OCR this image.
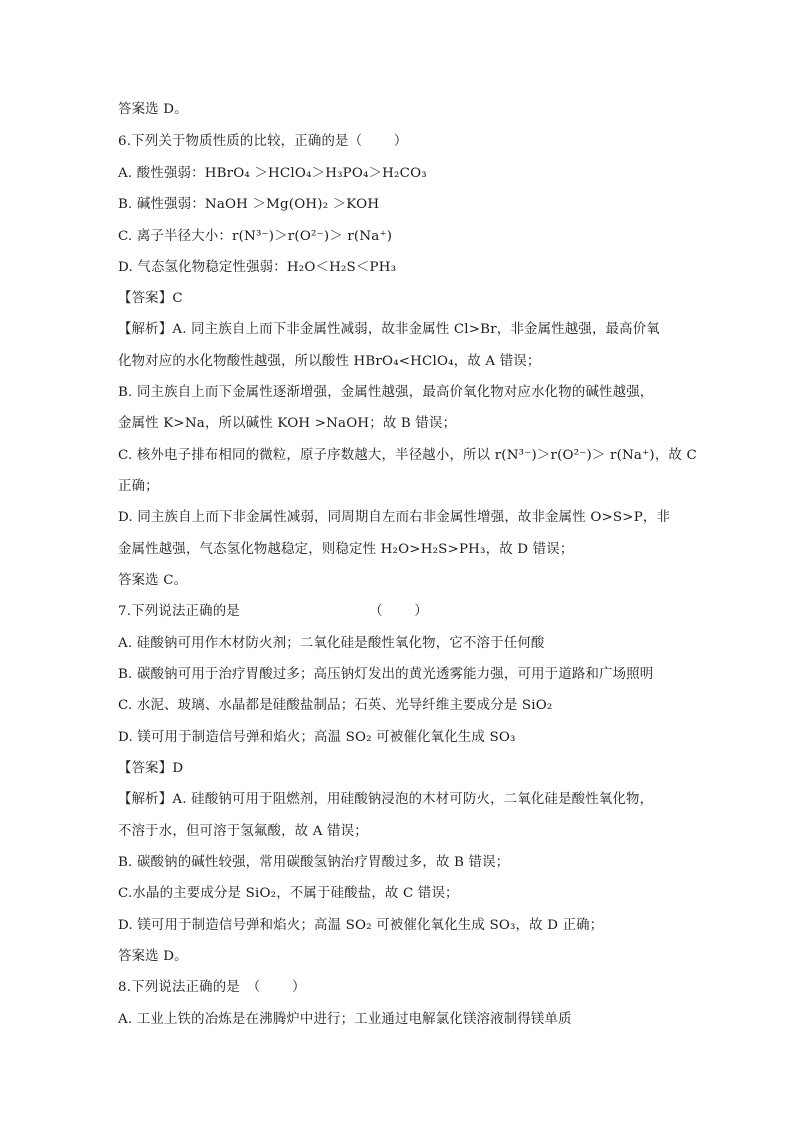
答案选 D。
6.下列关于物质性质的比较，正确的是（　　 ）
A. 酸性强弱：HBrO₄ ＞HClO₄＞H₃PO₄＞H₂CO₃
B. 碱性强弱：NaOH ＞Mg(OH)₂ ＞KOH
C. 离子半径大小：r(N³⁻)＞r(O²⁻)＞ r(Na⁺)
D. 气态氢化物稳定性强弱：H₂O＜H₂S＜PH₃
【答案】C
【解析】A. 同主族自上而下非金属性减弱，故非金属性 Cl>Br，非金属性越强，最高价氧
化物对应的水化物酸性越强，所以酸性 HBrO₄<HClO₄，故 A 错误；
B. 同主族自上而下金属性逐渐增强，金属性越强，最高价氧化物对应水化物的碱性越强，
金属性 K>Na，所以碱性 KOH >NaOH；故 B 错误；
C. 核外电子排布相同的微粒，原子序数越大，半径越小，所以 r(N³⁻)＞r(O²⁻)＞ r(Na⁺)，故 C
正确；
D. 同主族自上而下非金属性减弱，同周期自左而右非金属性增强，故非金属性 O>S>P，非
金属性越强，气态氢化物越稳定，则稳定性 H₂O>H₂S>PH₃，故 D 错误；
答案选 C。
7.下列说法正确的是　　　　　　　　　　（　　 ）
A. 硅酸钠可用作木材防火剂；二氧化硅是酸性氧化物，它不溶于任何酸
B. 碳酸钠可用于治疗胃酸过多；高压钠灯发出的黄光透雾能力强，可用于道路和广场照明
C. 水泥、玻璃、水晶都是硅酸盐制品；石英、光导纤维主要成分是 SiO₂
D. 镁可用于制造信号弹和焰火；高温 SO₂ 可被催化氧化生成 SO₃
【答案】D
【解析】A. 硅酸钠可用于阻燃剂，用硅酸钠浸泡的木材可防火，二氧化硅是酸性氧化物，
不溶于水，但可溶于氢氟酸，故 A 错误；
B. 碳酸钠的碱性较强，常用碳酸氢钠治疗胃酸过多，故 B 错误；
C.水晶的主要成分是 SiO₂，不属于硅酸盐，故 C 错误；
D. 镁可用于制造信号弹和焰火；高温 SO₂ 可被催化氧化生成 SO₃，故 D 正确；
答案选 D。
8.下列说法正确的是　（　　 ）
A. 工业上铁的冶炼是在沸腾炉中进行；工业通过电解氯化镁溶液制得镁单质
